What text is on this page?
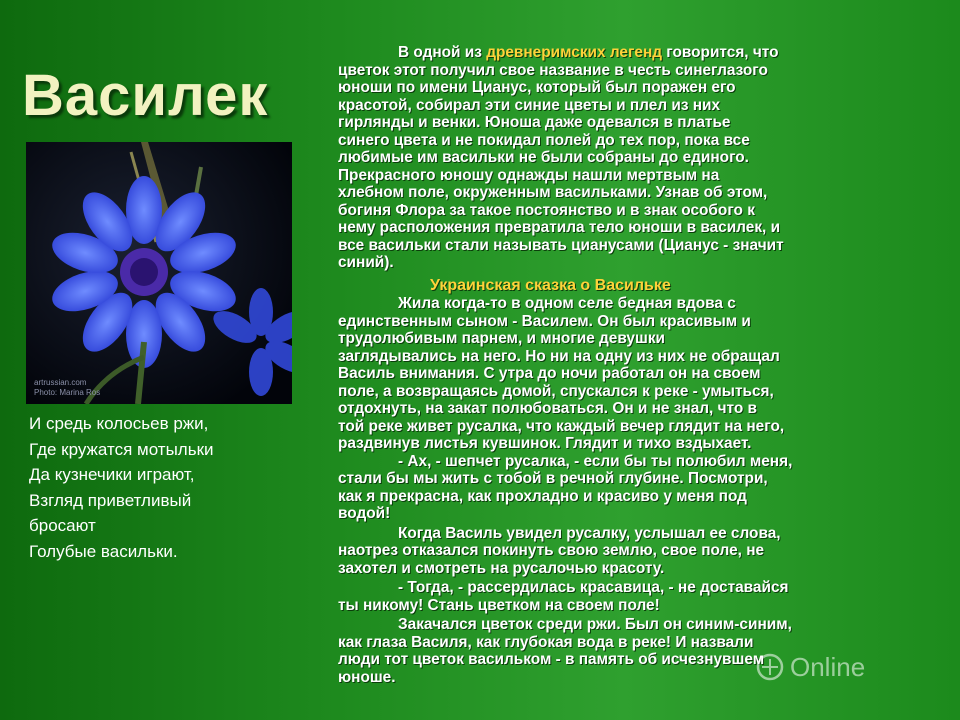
Василек
artrussian.com
Photo: Marina Ros
И средь колосьев ржи,
Где кружатся мотыльки
Да кузнечики играют,
Взгляд приветливый
бросают
Голубые васильки.
В одной из древнеримских легенд говорится, что
цветок этот получил свое название в честь синеглазого
юноши по имени Цианус, который был поражен его
красотой, собирал эти синие цветы и плел из них
гирлянды и венки. Юноша даже одевался в платье
синего цвета и не покидал полей до тех пор, пока все
любимые им васильки не были собраны до единого.
Прекрасного юношу однажды нашли мертвым на
хлебном поле, окруженным васильками. Узнав об этом,
богиня Флора за такое постоянство и в знак особого к
нему расположения превратила тело юноши в василек, и
все васильки стали называть цианусами (Цианус - значит
синий).
Украинская сказка о Васильке
Жила когда-то в одном селе бедная вдова с
единственным сыном - Василем. Он был красивым и
трудолюбивым парнем, и многие девушки
заглядывались на него. Но ни на одну из них не обращал
Василь внимания. С утра до ночи работал он на своем
поле, а возвращаясь домой, спускался к реке - умыться,
отдохнуть, на закат полюбоваться. Он и не знал, что в
той реке живет русалка, что каждый вечер глядит на него,
раздвинув листья кувшинок. Глядит и тихо вздыхает.
- Ах, - шепчет русалка, - если бы ты полюбил меня,
стали бы мы жить с тобой в речной глубине. Посмотри,
как я прекрасна, как прохладно и красиво у меня под
водой!
Когда Василь увидел русалку, услышал ее слова,
наотрез отказался покинуть свою землю, свое поле, не
захотел и смотреть на русалочью красоту.
- Тогда, - рассердилась красавица, - не доставайся
ты никому! Стань цветком на своем поле!
Закачался цветок среди ржи. Был он синим-синим,
как глаза Василя, как глубокая вода в реке! И назвали
люди тот цветок васильком - в память об исчезнувшем
юноше.	Online
